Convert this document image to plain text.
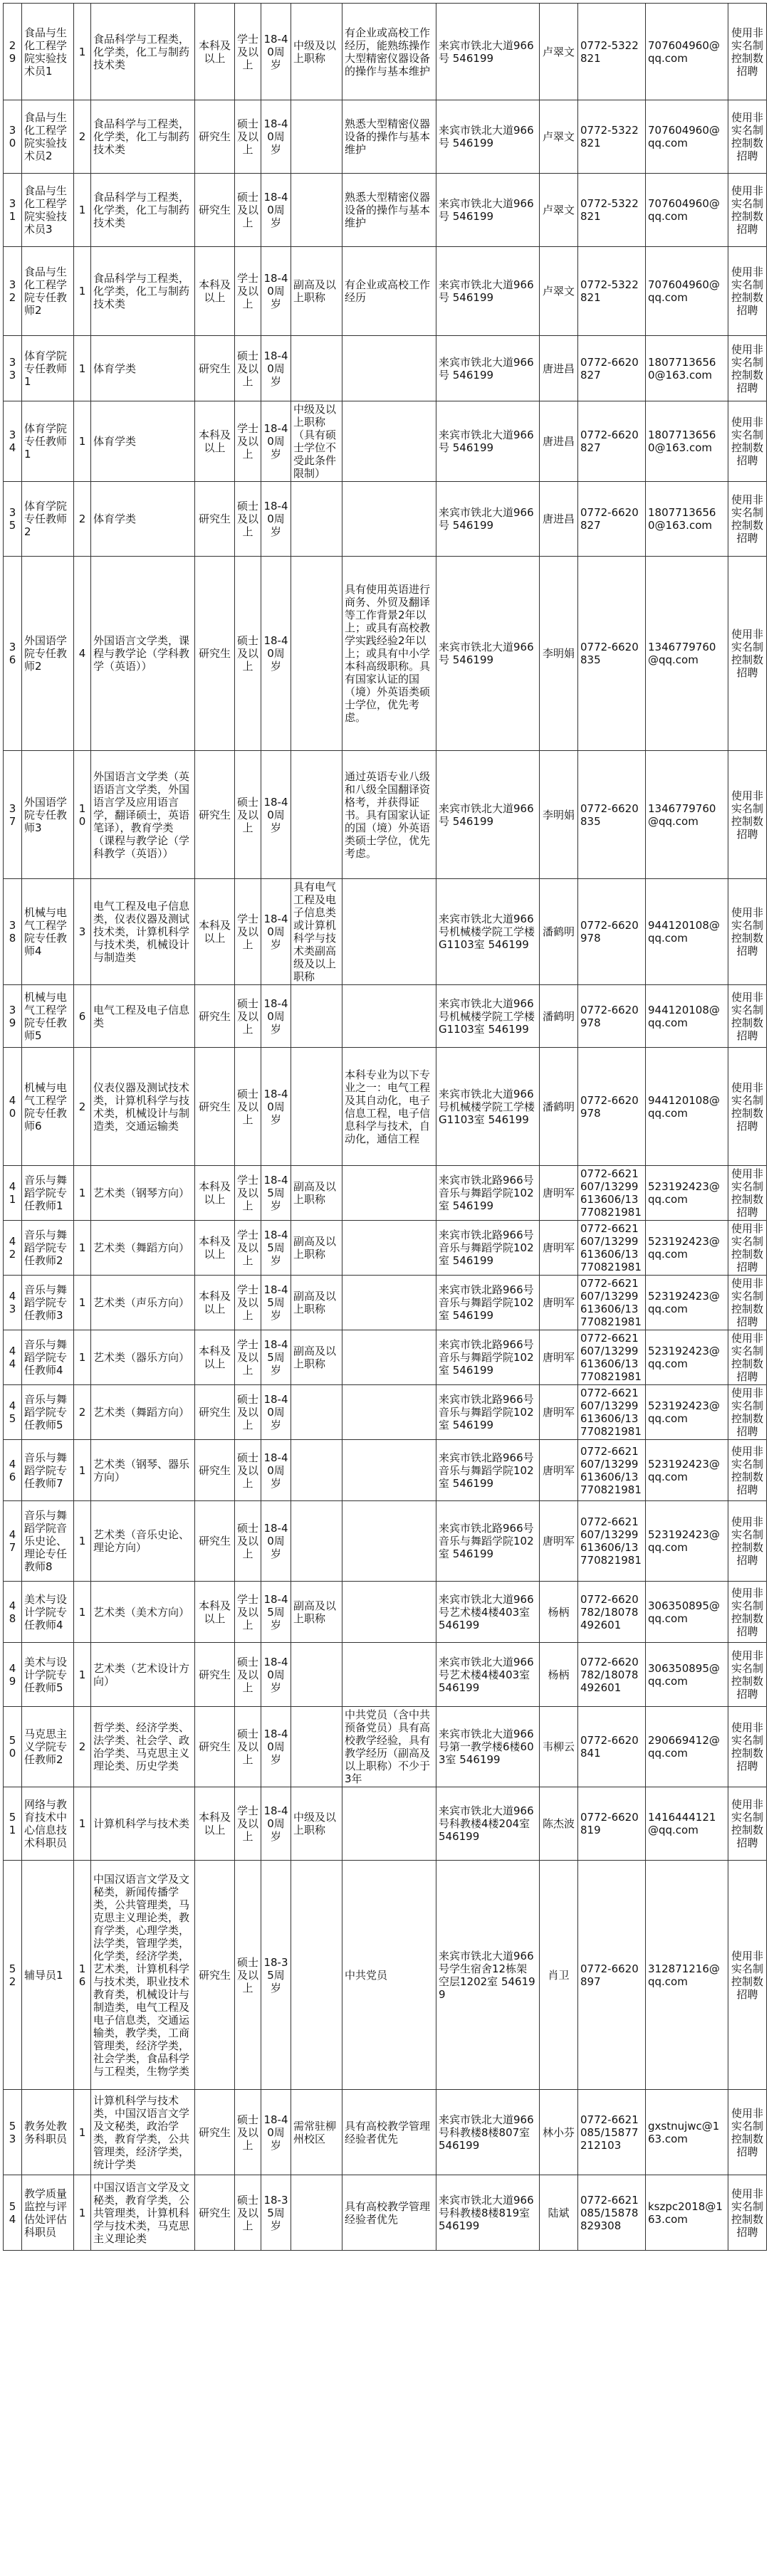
29	食品与生化工程学院实验技术员1	1	食品科学与工程类，化学类，化工与制药技术类	本科及以上	学士及以上	18-40周岁	中级及以上职称	有企业或高校工作经历，能熟练操作大型精密仪器设备的操作与基本维护	来宾市铁北大道966号 546199	卢翠文	0772-5322821	707604960@qq.com	使用非实名制控制数招聘
30	食品与生化工程学院实验技术员2	2	食品科学与工程类，化学类，化工与制药技术类	研究生	硕士及以上	18-40周岁		熟悉大型精密仪器设备的操作与基本维护	来宾市铁北大道966号 546199	卢翠文	0772-5322821	707604960@qq.com	使用非实名制控制数招聘
31	食品与生化工程学院实验技术员3	1	食品科学与工程类，化学类，化工与制药技术类	研究生	硕士及以上	18-40周岁		熟悉大型精密仪器设备的操作与基本维护	来宾市铁北大道966号 546199	卢翠文	0772-5322821	707604960@qq.com	使用非实名制控制数招聘
32	食品与生化工程学院专任教师2	1	食品科学与工程类，化学类，化工与制药技术类	本科及以上	学士及以上	18-40周岁	副高及以上职称	有企业或高校工作经历	来宾市铁北大道966号 546199	卢翠文	0772-5322821	707604960@qq.com	使用非实名制控制数招聘
33	体育学院专任教师1	1	体育学类	研究生	硕士及以上	18-40周岁			来宾市铁北大道966号 546199	唐进昌	0772-6620827	1807713656 0@163.com	使用非实名制控制数招聘
34	体育学院专任教师1	1	体育学类	本科及以上	学士及以上	18-40周岁	中级及以上职称（具有硕士学位不受此条件限制）		来宾市铁北大道966号 546199	唐进昌	0772-6620827	1807713656 0@163.com	使用非实名制控制数招聘
35	体育学院专任教师2	2	体育学类	研究生	硕士及以上	18-40周岁			来宾市铁北大道966号 546199	唐进昌	0772-6620827	1807713656 0@163.com	使用非实名制控制数招聘
36	外国语学院专任教师2	4	外国语言文学类，课程与教学论（学科教学（英语））	研究生	硕士及以上	18-40周岁		具有使用英语进行商务、外贸及翻译等工作背景2年以上；或具有高校教学实践经验2年以上；或具有中小学本科高级职称。具有国家认证的国（境）外英语类硕士学位，优先考虑。	来宾市铁北大道966号 546199	李明娟	0772-6620835	1346779760@qq.com	使用非实名制控制数招聘
37	外国语学院专任教师3	10	外国语言文学类（英语语言文学类，外国语言学及应用语言学，翻译硕士，英语笔译），教育学类（课程与教学论（学科教学（英语））	研究生	硕士及以上	18-40周岁		通过英语专业八级和八级全国翻译资格考，并获得证书。具有国家认证的国（境）外英语类硕士学位，优先考虑。	来宾市铁北大道966号 546199	李明娟	0772-6620835	1346779760@qq.com	使用非实名制控制数招聘
38	机械与电气工程学院专任教师4	3	电气工程及电子信息类，仪表仪器及测试技术类，计算机科学与技术类，机械设计与制造类	本科及以上	学士及以上	18-40周岁	具有电气工程及电子信息类或计算机科学与技术类副高级及以上职称		来宾市铁北大道966号机械楼学院工学楼G1103室 546199	潘鹤明	0772-6620978	944120108@qq.com	使用非实名制控制数招聘
39	机械与电气工程学院专任教师5	6	电气工程及电子信息类	研究生	硕士及以上	18-40周岁			来宾市铁北大道966号机械楼学院工学楼G1103室 546199	潘鹤明	0772-6620978	944120108@qq.com	使用非实名制控制数招聘
40	机械与电气工程学院专任教师6	2	仪表仪器及测试技术类，计算机科学与技术类，机械设计与制造类，交通运输类	研究生	硕士及以上	18-40周岁		本科专业为以下专业之一：电气工程及其自动化，电子信息工程，电子信息科学与技术，自动化，通信工程	来宾市铁北大道966号机械楼学院工学楼G1103室 546199	潘鹤明	0772-6620978	944120108@qq.com	使用非实名制控制数招聘
41	音乐与舞蹈学院专任教师1	1	艺术类（钢琴方向）	本科及以上	学士及以上	18-45周岁	副高及以上职称		来宾市铁北路966号音乐与舞蹈学院102室 546199	唐明军	0772-6621607/13299613606/13770821981	523192423@qq.com	使用非实名制控制数招聘
42	音乐与舞蹈学院专任教师2	1	艺术类（舞蹈方向）	本科及以上	学士及以上	18-45周岁	副高及以上职称		来宾市铁北路966号音乐与舞蹈学院102室 546199	唐明军	0772-6621607/13299613606/13770821981	523192423@qq.com	使用非实名制控制数招聘
43	音乐与舞蹈学院专任教师3	1	艺术类（声乐方向）	本科及以上	学士及以上	18-45周岁	副高及以上职称		来宾市铁北路966号音乐与舞蹈学院102室 546199	唐明军	0772-6621607/13299613606/13770821981	523192423@qq.com	使用非实名制控制数招聘
44	音乐与舞蹈学院专任教师4	1	艺术类（器乐方向）	本科及以上	学士及以上	18-45周岁	副高及以上职称		来宾市铁北路966号音乐与舞蹈学院102室 546199	唐明军	0772-6621607/13299613606/13770821981	523192423@qq.com	使用非实名制控制数招聘
45	音乐与舞蹈学院专任教师5	2	艺术类（舞蹈方向）	研究生	硕士及以上	18-40周岁			来宾市铁北路966号音乐与舞蹈学院102室 546199	唐明军	0772-6621607/13299613606/13770821981	523192423@qq.com	使用非实名制控制数招聘
46	音乐与舞蹈学院专任教师7	1	艺术类（钢琴、器乐方向）	研究生	硕士及以上	18-40周岁			来宾市铁北路966号音乐与舞蹈学院102室 546199	唐明军	0772-6621607/13299613606/13770821981	523192423@qq.com	使用非实名制控制数招聘
47	音乐与舞蹈学院音乐史论、理论专任教师8	1	艺术类（音乐史论、理论方向）	研究生	硕士及以上	18-40周岁			来宾市铁北路966号音乐与舞蹈学院102室 546199	唐明军	0772-6621607/13299613606/13770821981	523192423@qq.com	使用非实名制控制数招聘
48	美术与设计学院专任教师4	1	艺术类（美术方向）	本科及以上	学士及以上	18-45周岁	副高及以上职称		来宾市铁北大道966号艺术楼4楼403室 546199	杨柄	0772-6620782/18078492601	306350895@qq.com	使用非实名制控制数招聘
49	美术与设计学院专任教师5	1	艺术类（艺术设计方向）	研究生	硕士及以上	18-40周岁			来宾市铁北大道966号艺术楼4楼403室 546199	杨柄	0772-6620782/18078492601	306350895@qq.com	使用非实名制控制数招聘
50	马克思主义学院专任教师2	2	哲学类、经济学类、法学类、社会学、政治学类、马克思主义理论类、历史学类	研究生	硕士及以上	18-40周岁		中共党员（含中共预备党员）具有高校教学经验，具有教学经历（副高及以上职称）不少于3年	来宾市铁北大道966号第一教学楼6楼603室 546199	韦柳云	0772-6620841	290669412@qq.com	使用非实名制控制数招聘
51	网络与教育技术中心信息技术科职员	1	计算机科学与技术类	本科及以上	学士及以上	18-40周岁	中级及以上职称		来宾市铁北大道966号科教楼4楼204室 546199	陈杰波	0772-6620819	1416444121@qq.com	使用非实名制控制数招聘
52	辅导员1	16	中国汉语言文学及文秘类，新闻传播学类，公共管理类，马克思主义理论类，教育学类，心理学类，法学类，管理学类，化学类，经济学类，艺术类，计算机科学与技术类，职业技术教育类，机械设计与制造类，电气工程及电子信息类，交通运输类，教学类，工商管理类，经济学类，社会学类，食品科学与工程类，生物学类	研究生	硕士及以上	18-35周岁		中共党员	来宾市铁北大道966号学生宿舍12栋架空层1202室 546199	肖卫	0772-6620897	312871216@qq.com	使用非实名制控制数招聘
53	教务处教务科职员	1	计算机科学与技术类，中国汉语言文学及文秘类，政治学类，教育学类，公共管理类，经济学类，统计学类	研究生	硕士及以上	18-40周岁	需常驻柳州校区	具有高校教学管理经验者优先	来宾市铁北大道966号科教楼8楼807室 546199	林小芬	0772-6621085/15877212103	gxstnujwc@163.com	使用非实名制控制数招聘
54	教学质量监控与评估处评估科职员	1	中国汉语言文学及文秘类，教育学类，公共管理类，计算机科学与技术类，马克思主义理论类	研究生	硕士及以上	18-35周岁		具有高校教学管理经验者优先	来宾市铁北大道966号科教楼8楼819室 546199	陆斌	0772-6621085/15878829308	kszpc2018@163.com	使用非实名制控制数招聘
